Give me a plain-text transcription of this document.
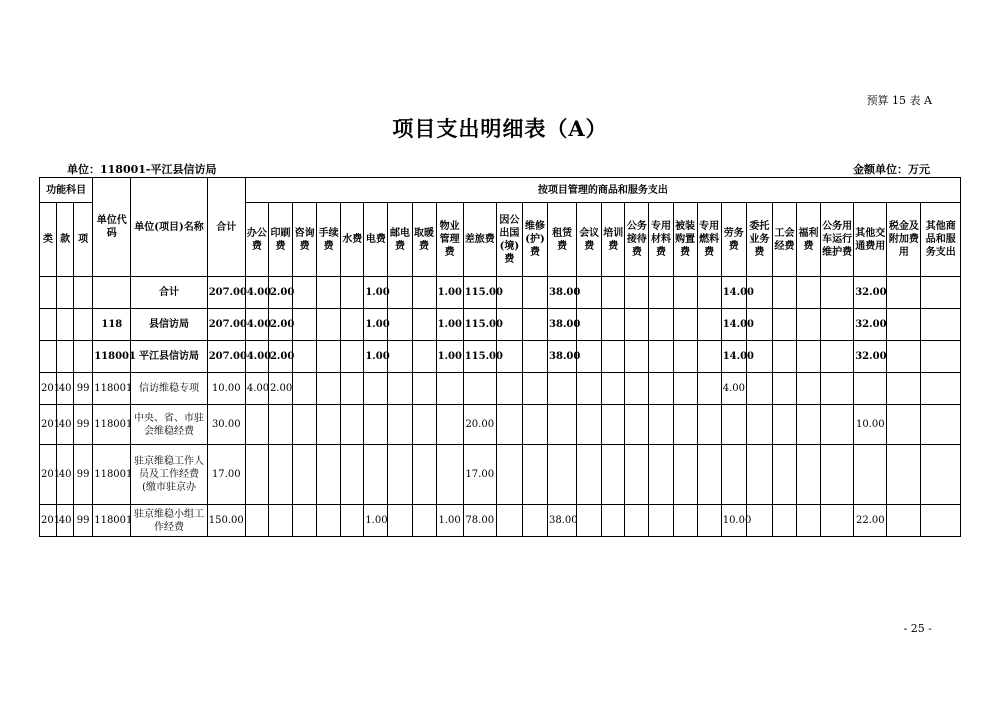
预算 15 表 A
项目支出明细表（A）
单位：118001-平江县信访局	金额单位：万元
功能科目			单位代码	单位(项目)名称	合计	按项目管理的商品和服务支出																										
类	款	项				办公费	印刷费	咨询费	手续费	水费	电费	邮电费	取暖费	物业管理费	差旅费	因公出国(境)费	维修(护)费	租赁费	会议费	培训费	公务接待费	专用材料费	被装购置费	专用燃料费	劳务费	委托业务费	工会经费	福利费	公务用车运行维护费	其他交通费用	税金及附加费用	其他商品和服务支出
				合计	207.00	4.00	2.00				1.00			1.00	115.00			38.00							14.00					32.00		
			118	县信访局	207.00	4.00	2.00				1.00			1.00	115.00			38.00							14.00					32.00		
			118001	平江县信访局	207.00	4.00	2.00				1.00			1.00	115.00			38.00							14.00					32.00		
201	40	99	118001	信访维稳专项	10.00	4.00	2.00																		4.00							
201	40	99	118001	中央、省、市驻会维稳经费	30.00										20.00															10.00		
201	40	99	118001	驻京维稳工作人员及工作经费(缴市驻京办	17.00										17.00																	
201	40	99	118001	驻京维稳小组工作经费	150.00						1.00			1.00	78.00			38.00							10.00					22.00		
- 25 -
